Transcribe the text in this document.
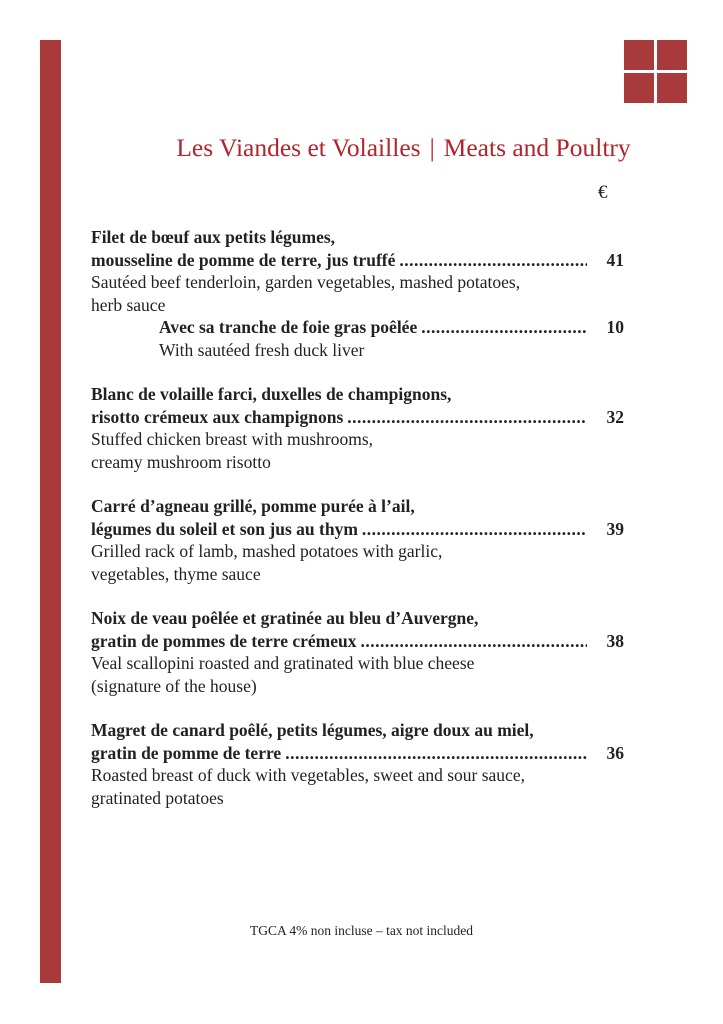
Les Viandes et Volailles | Meats and Poultry
€
Filet de bœuf aux petits légumes,
mousseline de pomme de terre, jus truffé .....	41
Sautéed beef tenderloin, garden vegetables, mashed potatoes,
herb sauce
Avec sa tranche de foie gras poêlée .....	10
With sautéed fresh duck liver
Blanc de volaille farci, duxelles de champignons,
risotto crémeux aux champignons .....	32
Stuffed chicken breast with mushrooms,
creamy mushroom risotto
Carré d’agneau grillé, pomme purée à l’ail,
légumes du soleil et son jus au thym .....	39
Grilled rack of lamb, mashed potatoes with garlic,
vegetables, thyme sauce
Noix de veau poêlée et gratinée au bleu d’Auvergne,
gratin de pommes de terre crémeux .....	38
Veal scallopini roasted and gratinated with blue cheese
(signature of the house)
Magret de canard poêlé, petits légumes, aigre doux au miel,
gratin de pomme de terre .....	36
Roasted breast of duck with vegetables, sweet and sour sauce,
gratinated potatoes
TGCA 4% non incluse – tax not included
